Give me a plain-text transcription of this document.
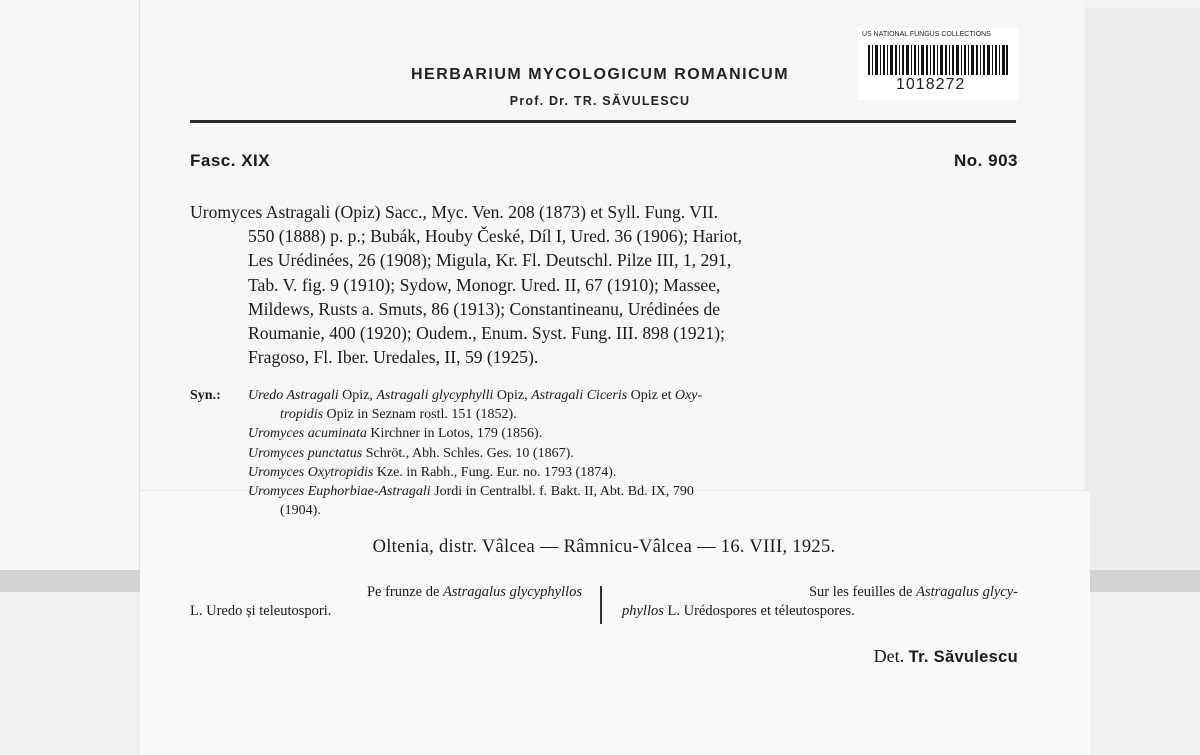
US NATIONAL FUNGUS COLLECTIONS
1018272
HERBARIUM MYCOLOGICUM ROMANICUM
Prof. Dr. TR. SĂVULESCU
Fasc. XIX	No. 903
Uromyces Astragali (Opiz) Sacc., Myc. Ven. 208 (1873) et Syll. Fung. VII.
550 (1888) p. p.; Bubák, Houby České, Díl I, Ured. 36 (1906); Hariot,
Les Urédinées, 26 (1908); Migula, Kr. Fl. Deutschl. Pilze III, 1, 291,
Tab. V. fig. 9 (1910); Sydow, Monogr. Ured. II, 67 (1910); Massee,
Mildews, Rusts a. Smuts, 86 (1913); Constantineanu, Urédinées de
Roumanie, 400 (1920); Oudem., Enum. Syst. Fung. III. 898 (1921);
Fragoso, Fl. Iber. Uredales, II, 59 (1925).
Syn.:	Uredo Astragali Opiz, Astragali glycyphylli Opiz, Astragali Ciceris Opiz et Oxy-
tropidis Opiz in Seznam rostl. 151 (1852).
Uromyces acuminata Kirchner in Lotos, 179 (1856).
Uromyces punctatus Schröt., Abh. Schles. Ges. 10 (1867).
Uromyces Oxytropidis Kze. in Rabh., Fung. Eur. no. 1793 (1874).
Uromyces Euphorbiae-Astragali Jordi in Centralbl. f. Bakt. II, Abt. Bd. IX, 790
(1904).
Oltenia, distr. Vâlcea — Râmnicu-Vâlcea — 16. VIII, 1925.
Pe frunze de Astragalus glycyphyllos
L. Uredo și teleutospori.
Sur les feuilles de Astragalus glycy-
phyllos L. Urédospores et téleutospores.
Det. Tr. Săvulescu
